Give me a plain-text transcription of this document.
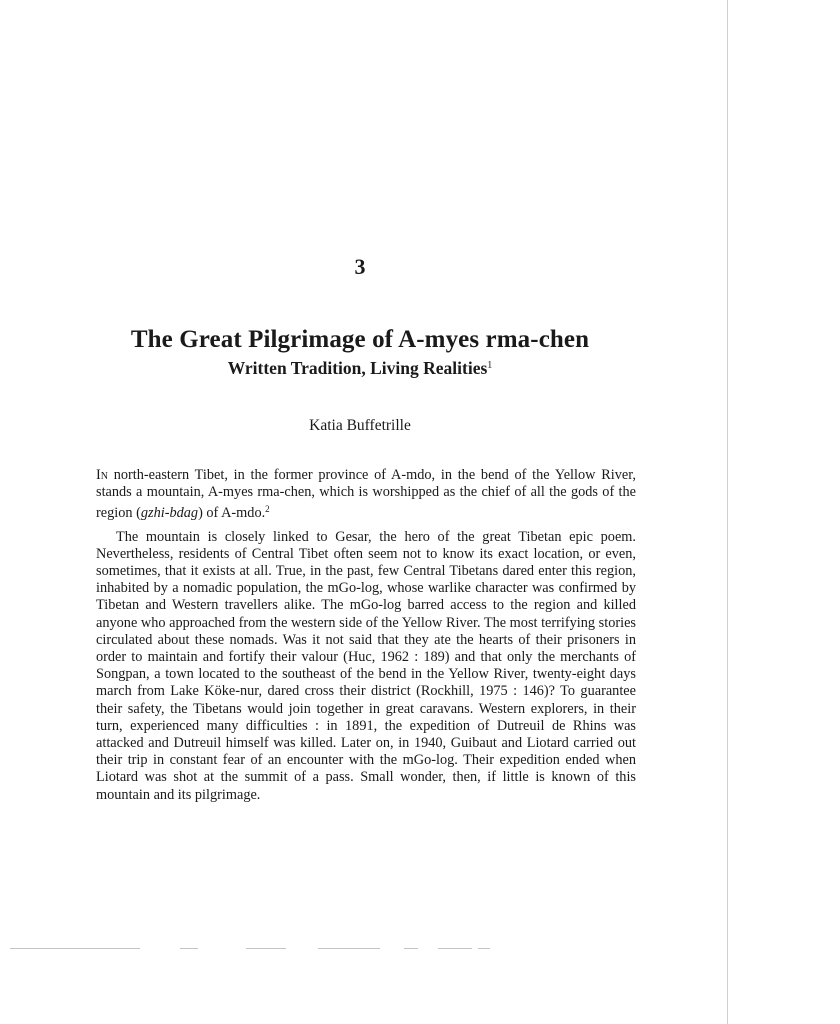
3
The Great Pilgrimage of A-myes rma-chen
Written Tradition, Living Realities$^1$
Katia Buffetrille

In north-eastern Tibet, in the former province of A-mdo, in the bend of the Yellow River, stands a mountain, A-myes rma-chen, which is worshipped as the chief of all the gods of the region (gzhi-bdag) of A-mdo.$^2$

The mountain is closely linked to Gesar, the hero of the great Tibetan epic poem. Nevertheless, residents of Central Tibet often seem not to know its exact location, or even, sometimes, that it exists at all. True, in the past, few Central Tibetans dared enter this region, inhabited by a nomadic population, the mGo-log, whose warlike character was confirmed by Tibetan and Western travellers alike. The mGo-log barred access to the region and killed anyone who approached from the western side of the Yellow River. The most terrifying stories circulated about these nomads. Was it not said that they ate the hearts of their prisoners in order to maintain and fortify their valour (Huc, 1962 : 189) and that only the merchants of Songpan, a town located to the southeast of the bend in the Yellow River, twenty-eight days march from Lake Köke-nur, dared cross their district (Rockhill, 1975 : 146)? To guarantee their safety, the Tibetans would join together in great caravans. Western explorers, in their turn, experienced many difficulties : in 1891, the expedition of Dutreuil de Rhins was attacked and Dutreuil himself was killed. Later on, in 1940, Guibaut and Liotard carried out their trip in constant fear of an encounter with the mGo-log. Their expedition ended when Liotard was shot at the summit of a pass. Small wonder, then, if little is known of this mountain and its pilgrimage.
